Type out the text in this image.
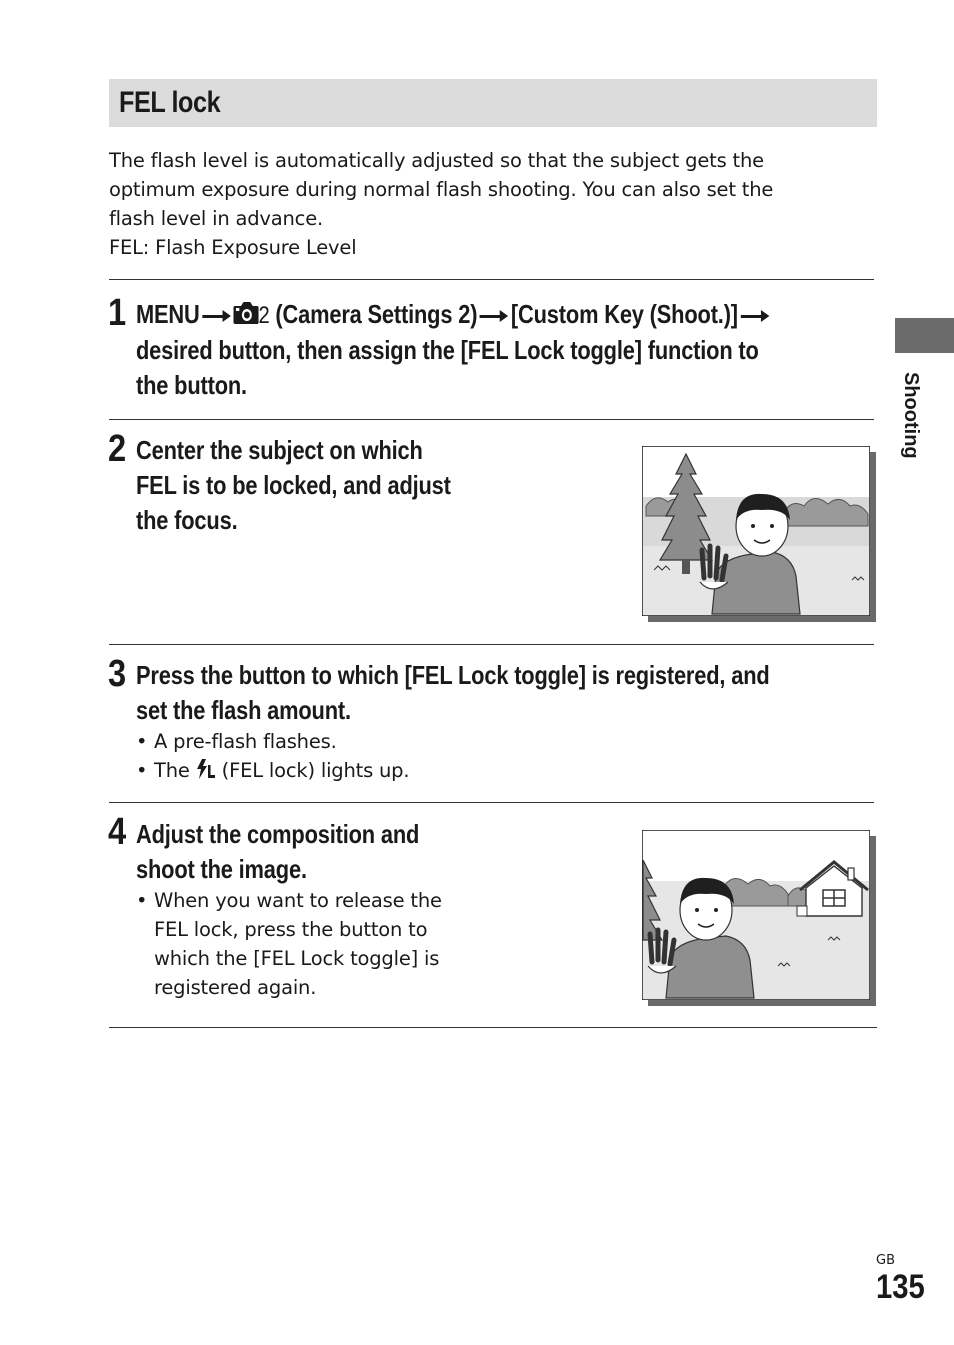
FEL lock

The flash level is automatically adjusted so that the subject gets the

optimum exposure during normal flash shooting. You can also set the

flash level in advance.

FEL: Flash Exposure Level

1 MENU 2 (Camera Settings 2) [Custom Key (Shoot.)]
desired button, then assign the [FEL Lock toggle] function to
the button.
2 Center the subject on which
FEL is to be locked, and adjust
the focus.
3 Press the button to which [FEL Lock toggle] is registered, and
set the flash amount.
• A pre-flash flashes.
• The (FEL lock) lights up.
4 Adjust the composition and
shoot the image.
• When you want to release the
FEL lock, press the button to
which the [FEL Lock toggle] is
registered again.
Shooting
GB
135
